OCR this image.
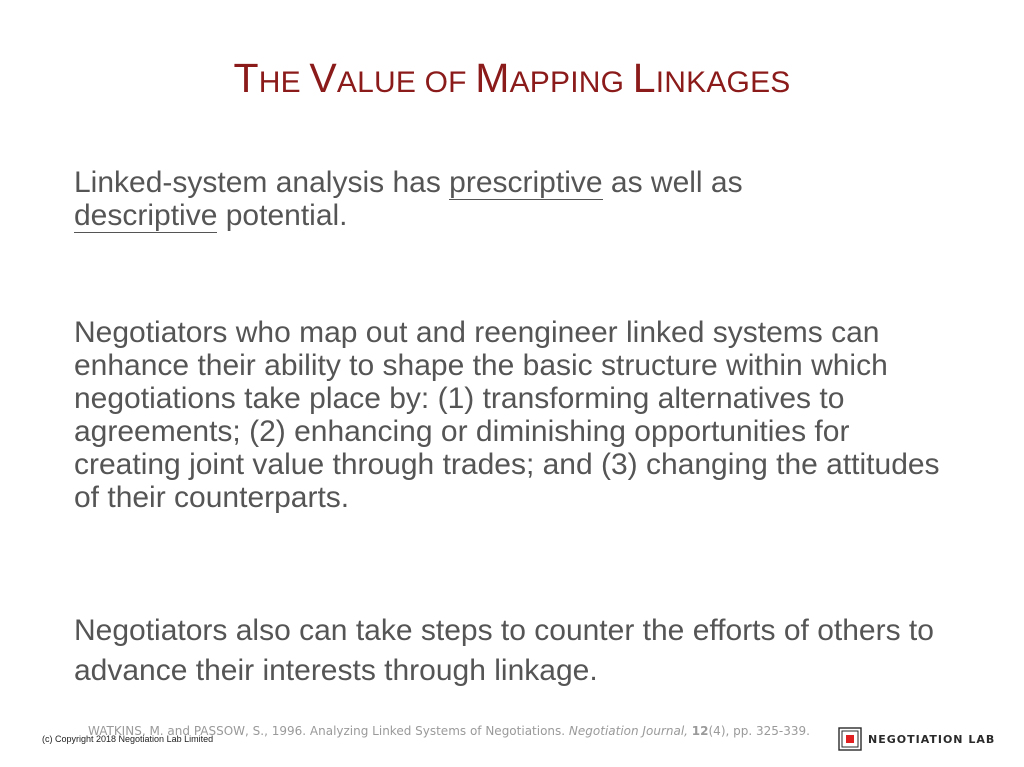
THE VALUE OF MAPPING LINKAGES

Linked-system analysis has prescriptive as well as
descriptive potential.

Negotiators who map out and reengineer linked systems can enhance their ability to shape the basic structure within which negotiations take place by: (1) transforming alternatives to agreements; (2) enhancing or diminishing opportunities for creating joint value through trades; and (3) changing the attitudes of their counterparts.

Negotiators also can take steps to counter the efforts of others to advance their interests through linkage.

WATKINS, M. and PASSOW, S., 1996. Analyzing Linked Systems of Negotiations. Negotiation Journal, 12(4), pp. 325-339.
(c) Copyright 2018 Negotiation Lab Limited	NEGOTIATION LAB
